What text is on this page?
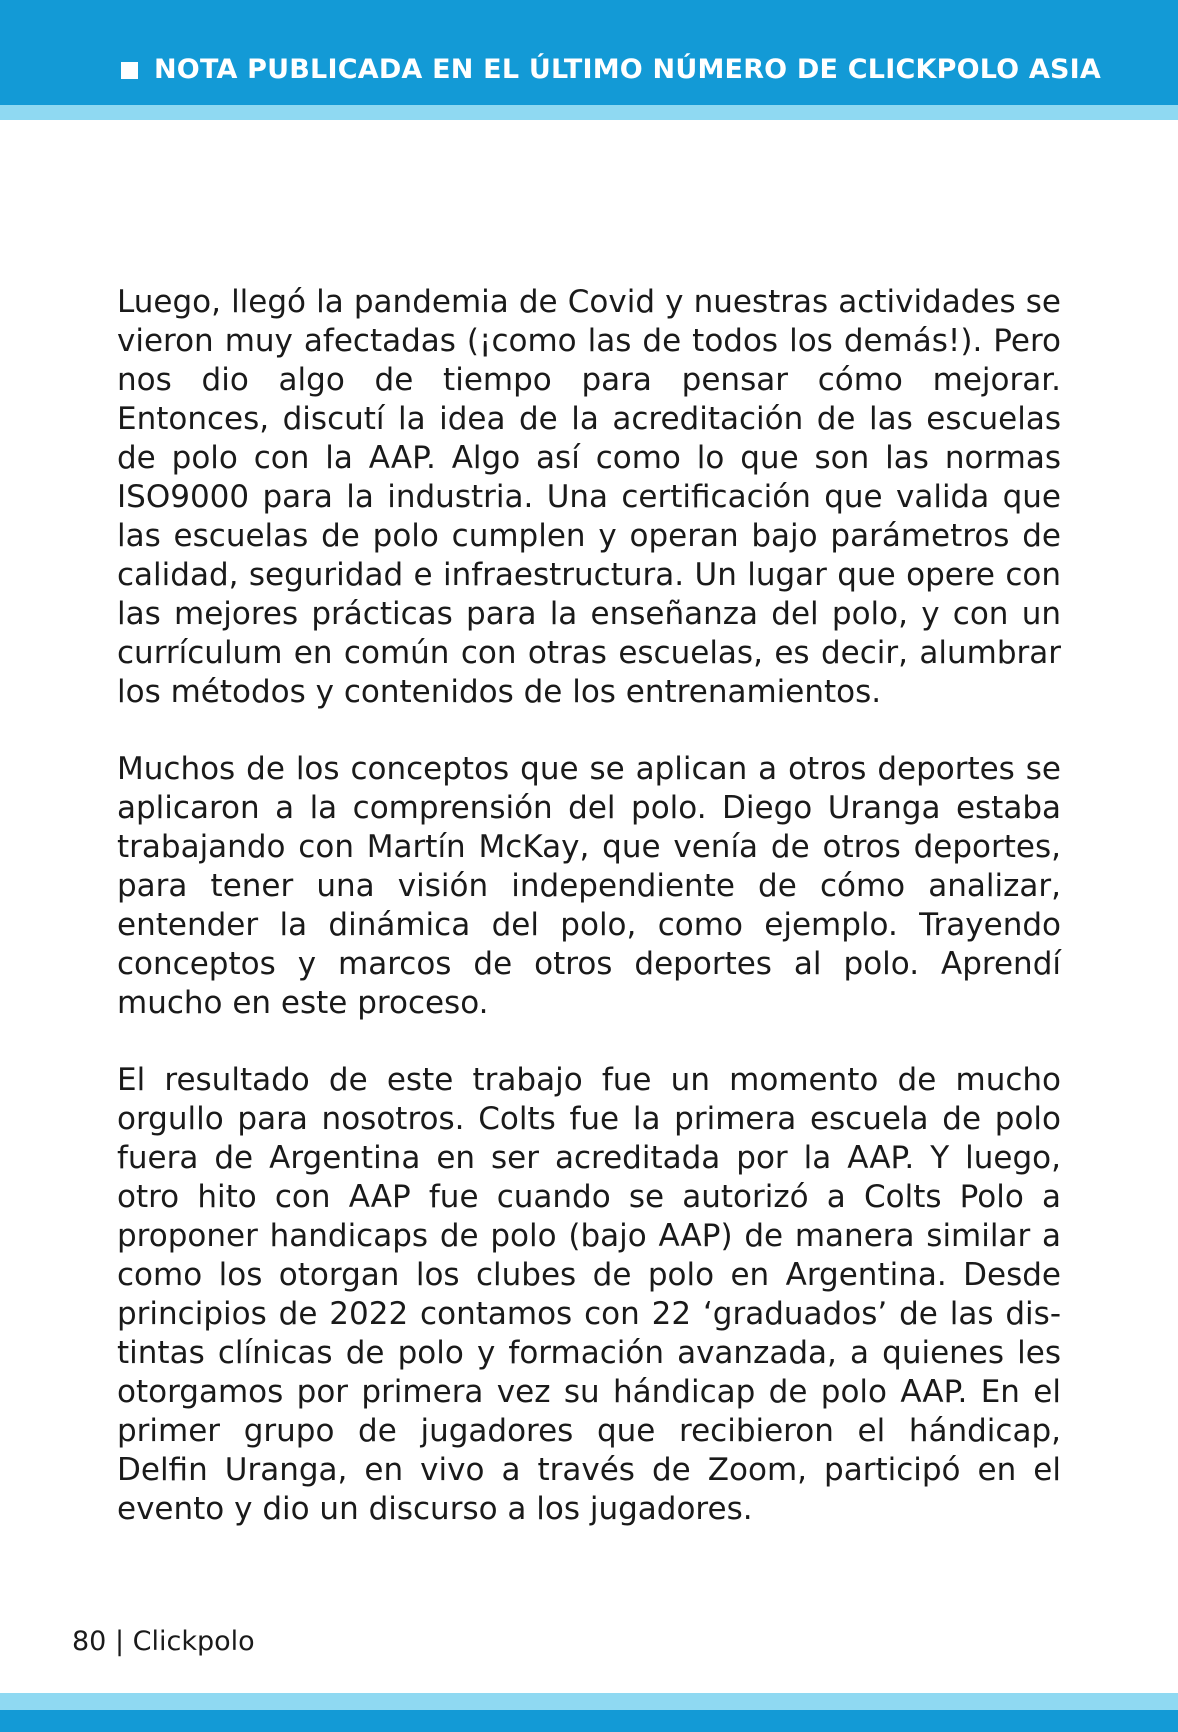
NOTA PUBLICADA EN EL ÚLTIMO NÚMERO DE CLICKPOLO ASIA

Luego, llegó la pandemia de Covid y nuestras actividades se vieron muy afectadas (¡como las de todos los demás!). Pero nos dio algo de tiempo para pensar cómo mejorar. Entonces, discutí la idea de la acreditación de las escuelas de polo con la AAP. Algo así como lo que son las normas ISO9000 para la industria. Una certificación que valida que las escuelas de polo cumplen y operan bajo parámetros de calidad, seguridad e infraestructura. Un lugar que opere con las mejores prácticas para la enseñanza del polo, y con un currículum en común con otras escuelas, es decir, alumbrar los métodos y contenidos de los entrenamientos.

Muchos de los conceptos que se aplican a otros deportes se aplicaron a la comprensión del polo. Diego Uranga estaba trabajando con Martín McKay, que venía de otros deportes, para tener una visión independiente de cómo analizar, entender la dinámica del polo, como ejemplo. Trayendo conceptos y marcos de otros deportes al polo. Aprendí mucho en este proceso.

El resultado de este trabajo fue un momento de mucho orgullo para nosotros. Colts fue la primera escuela de polo fuera de Argentina en ser acreditada por la AAP. Y luego, otro hito con AAP fue cuando se autorizó a Colts Polo a proponer handicaps de polo (bajo AAP) de manera similar a como los otorgan los clubes de polo en Argentina. Desde principios de 2022 contamos con 22 ‘graduados’ de las distintas clínicas de polo y formación avanzada, a quienes les otorgamos por primera vez su hándicap de polo AAP. En el primer grupo de jugadores que recibieron el hándicap, Delfin Uranga, en vivo a través de Zoom, participó en el evento y dio un discurso a los jugadores.

80 | Clickpolo
